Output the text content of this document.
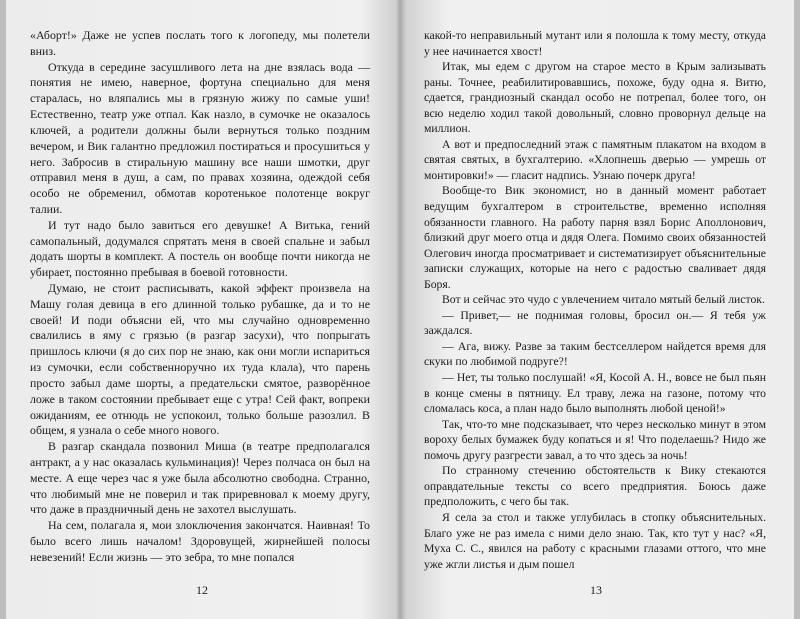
«Аборт!» Даже не успев послать того к логопеду, мы полетели вниз.

Откуда в середине засушливого лета на дне взялась вода — понятия не имею, наверное, фортуна специально для меня старалась, но вляпались мы в грязную жижу по самые уши! Естественно, театр уже отпал. Как назло, в сумочке не оказалось ключей, а родители должны были вернуться только поздним вечером, и Вик галантно предложил постираться и просушиться у него. Забросив в стиральную машину все наши шмотки, друг отправил меня в душ, а сам, по правах хозяина, одеждой себя особо не обременил, обмотав коротенькое полотенце вокруг талии.

И тут надо было завиться его девушке! А Витька, гений самопальный, додумался спрятать меня в своей спальне и забыл додать шорты в комплект. А постель он вообще почти никогда не убирает, постоянно пребывая в боевой готовности.

Думаю, не стоит расписывать, какой эффект произвела на Машу голая девица в его длинной только рубашке, да и то не своей! И поди объясни ей, что мы случайно одновременно свалились в яму с грязью (в разгар засухи), что попрыгать пришлось ключи (я до сих пор не знаю, как они могли испариться из сумочки, если собственноручно их туда клала), что парень просто забыл даме шорты, а предательски смятое, разворённое ложе в таком состоянии пребывает еще с утра! Сей факт, вопреки ожиданиям, ее отнюдь не успокоил, только больше разозлил. В общем, я узнала о себе много нового.

В разгар скандала позвонил Миша (в театре предполагался антракт, а у нас оказалась кульминация)! Через полчаса он был на месте. А еще через час я уже была абсолютно свободна. Странно, что любимый мне не поверил и так приревновал к моему другу, что даже в праздничный день не захотел выслушать.

На сем, полагала я, мои злоключения закончатся. Наивная! То было всего лишь началом! Здоровущей, жирнейшей полосы невезений! Если жизнь — это зебра, то мне попался

12

какой-то неправильный мутант или я полошла к тому месту, откуда у нее начинается хвост!

Итак, мы едем с другом на старое место в Крым зализывать раны. Точнее, реабилитировавшись, похоже, буду одна я. Витю, сдается, грандиозный скандал особо не потрепал, более того, он всю неделю ходил такой довольный, словно проворнул дельце на миллион.

А вот и предпоследний этаж с памятным плакатом на входом в святая святых, в бухгалтерию. «Хлопнешь дверью — умрешь от монтировки!» — гласит надпись. Узнаю почерк друга!

Вообще-то Вик экономист, но в данный момент работает ведущим бухгалтером в строительстве, временно исполняя обязанности главного. На работу парня взял Борис Аполлонович, близкий друг моего отца и дядя Олега. Помимо своих обязанностей Олегович иногда просматривает и систематизирует объяснительные записки служащих, которые на него с радостью сваливает дядя Боря.

Вот и сейчас это чудо с увлечением читало мятый белый листок.

— Привет,— не поднимая головы, бросил он.— Я тебя уж заждался.

— Ага, вижу. Разве за таким бестселлером найдется время для скуки по любимой подруге?!

— Нет, ты только послушай! «Я, Косой А. Н., вовсе не был пьян в конце смены в пятницу. Ел траву, лежа на газоне, потому что сломалась коса, а план надо было выполнять любой ценой!»

Так, что-то мне подсказывает, что через несколько минут в этом вороху белых бумажек буду копаться и я! Что поделаешь? Нидо же помочь другу разгрести завал, а то что здесь за ночь!

По странному стечению обстоятельств к Вику стекаются оправдательные тексты со всего предприятия. Боюсь даже предположить, с чего бы так.

Я села за стол и также углубилась в стопку объяснительных. Благо уже не раз имела с ними дело знаю. Так, кто тут у нас? «Я, Муха С. С., явился на работу с красными глазами оттого, что мне уже жгли листья и дым пошел

13
